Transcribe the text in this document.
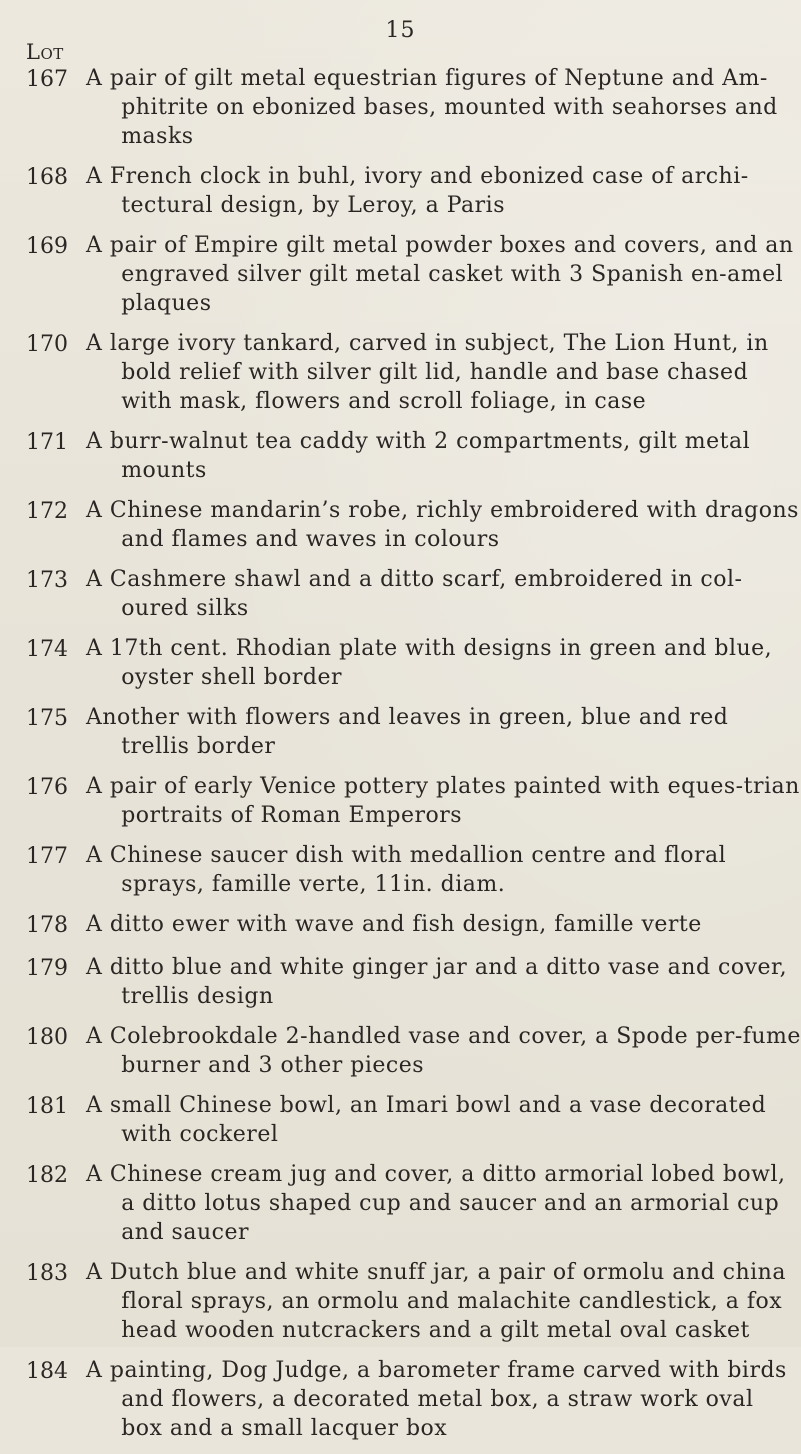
15
Lot
167 A pair of gilt metal equestrian figures of Neptune and Am-phitrite on ebonized bases, mounted with seahorses and masks
168 A French clock in buhl, ivory and ebonized case of archi-tectural design, by Leroy, a Paris
169 A pair of Empire gilt metal powder boxes and covers, and an engraved silver gilt metal casket with 3 Spanish en-amel plaques
170 A large ivory tankard, carved in subject, The Lion Hunt, in bold relief with silver gilt lid, handle and base chased with mask, flowers and scroll foliage, in case
171 A burr-walnut tea caddy with 2 compartments, gilt metal mounts
172 A Chinese mandarin’s robe, richly embroidered with dragons and flames and waves in colours
173 A Cashmere shawl and a ditto scarf, embroidered in col-oured silks
174 A 17th cent. Rhodian plate with designs in green and blue, oyster shell border
175 Another with flowers and leaves in green, blue and red trellis border
176 A pair of early Venice pottery plates painted with eques-trian portraits of Roman Emperors
177 A Chinese saucer dish with medallion centre and floral sprays, famille verte, 11in. diam.
178 A ditto ewer with wave and fish design, famille verte
179 A ditto blue and white ginger jar and a ditto vase and cover, trellis design
180 A Colebrookdale 2-handled vase and cover, a Spode per-fume burner and 3 other pieces
181 A small Chinese bowl, an Imari bowl and a vase decorated with cockerel
182 A Chinese cream jug and cover, a ditto armorial lobed bowl, a ditto lotus shaped cup and saucer and an armorial cup and saucer
183 A Dutch blue and white snuff jar, a pair of ormolu and china floral sprays, an ormolu and malachite candlestick, a fox head wooden nutcrackers and a gilt metal oval casket
184 A painting, Dog Judge, a barometer frame carved with birds and flowers, a decorated metal box, a straw work oval box and a small lacquer box
